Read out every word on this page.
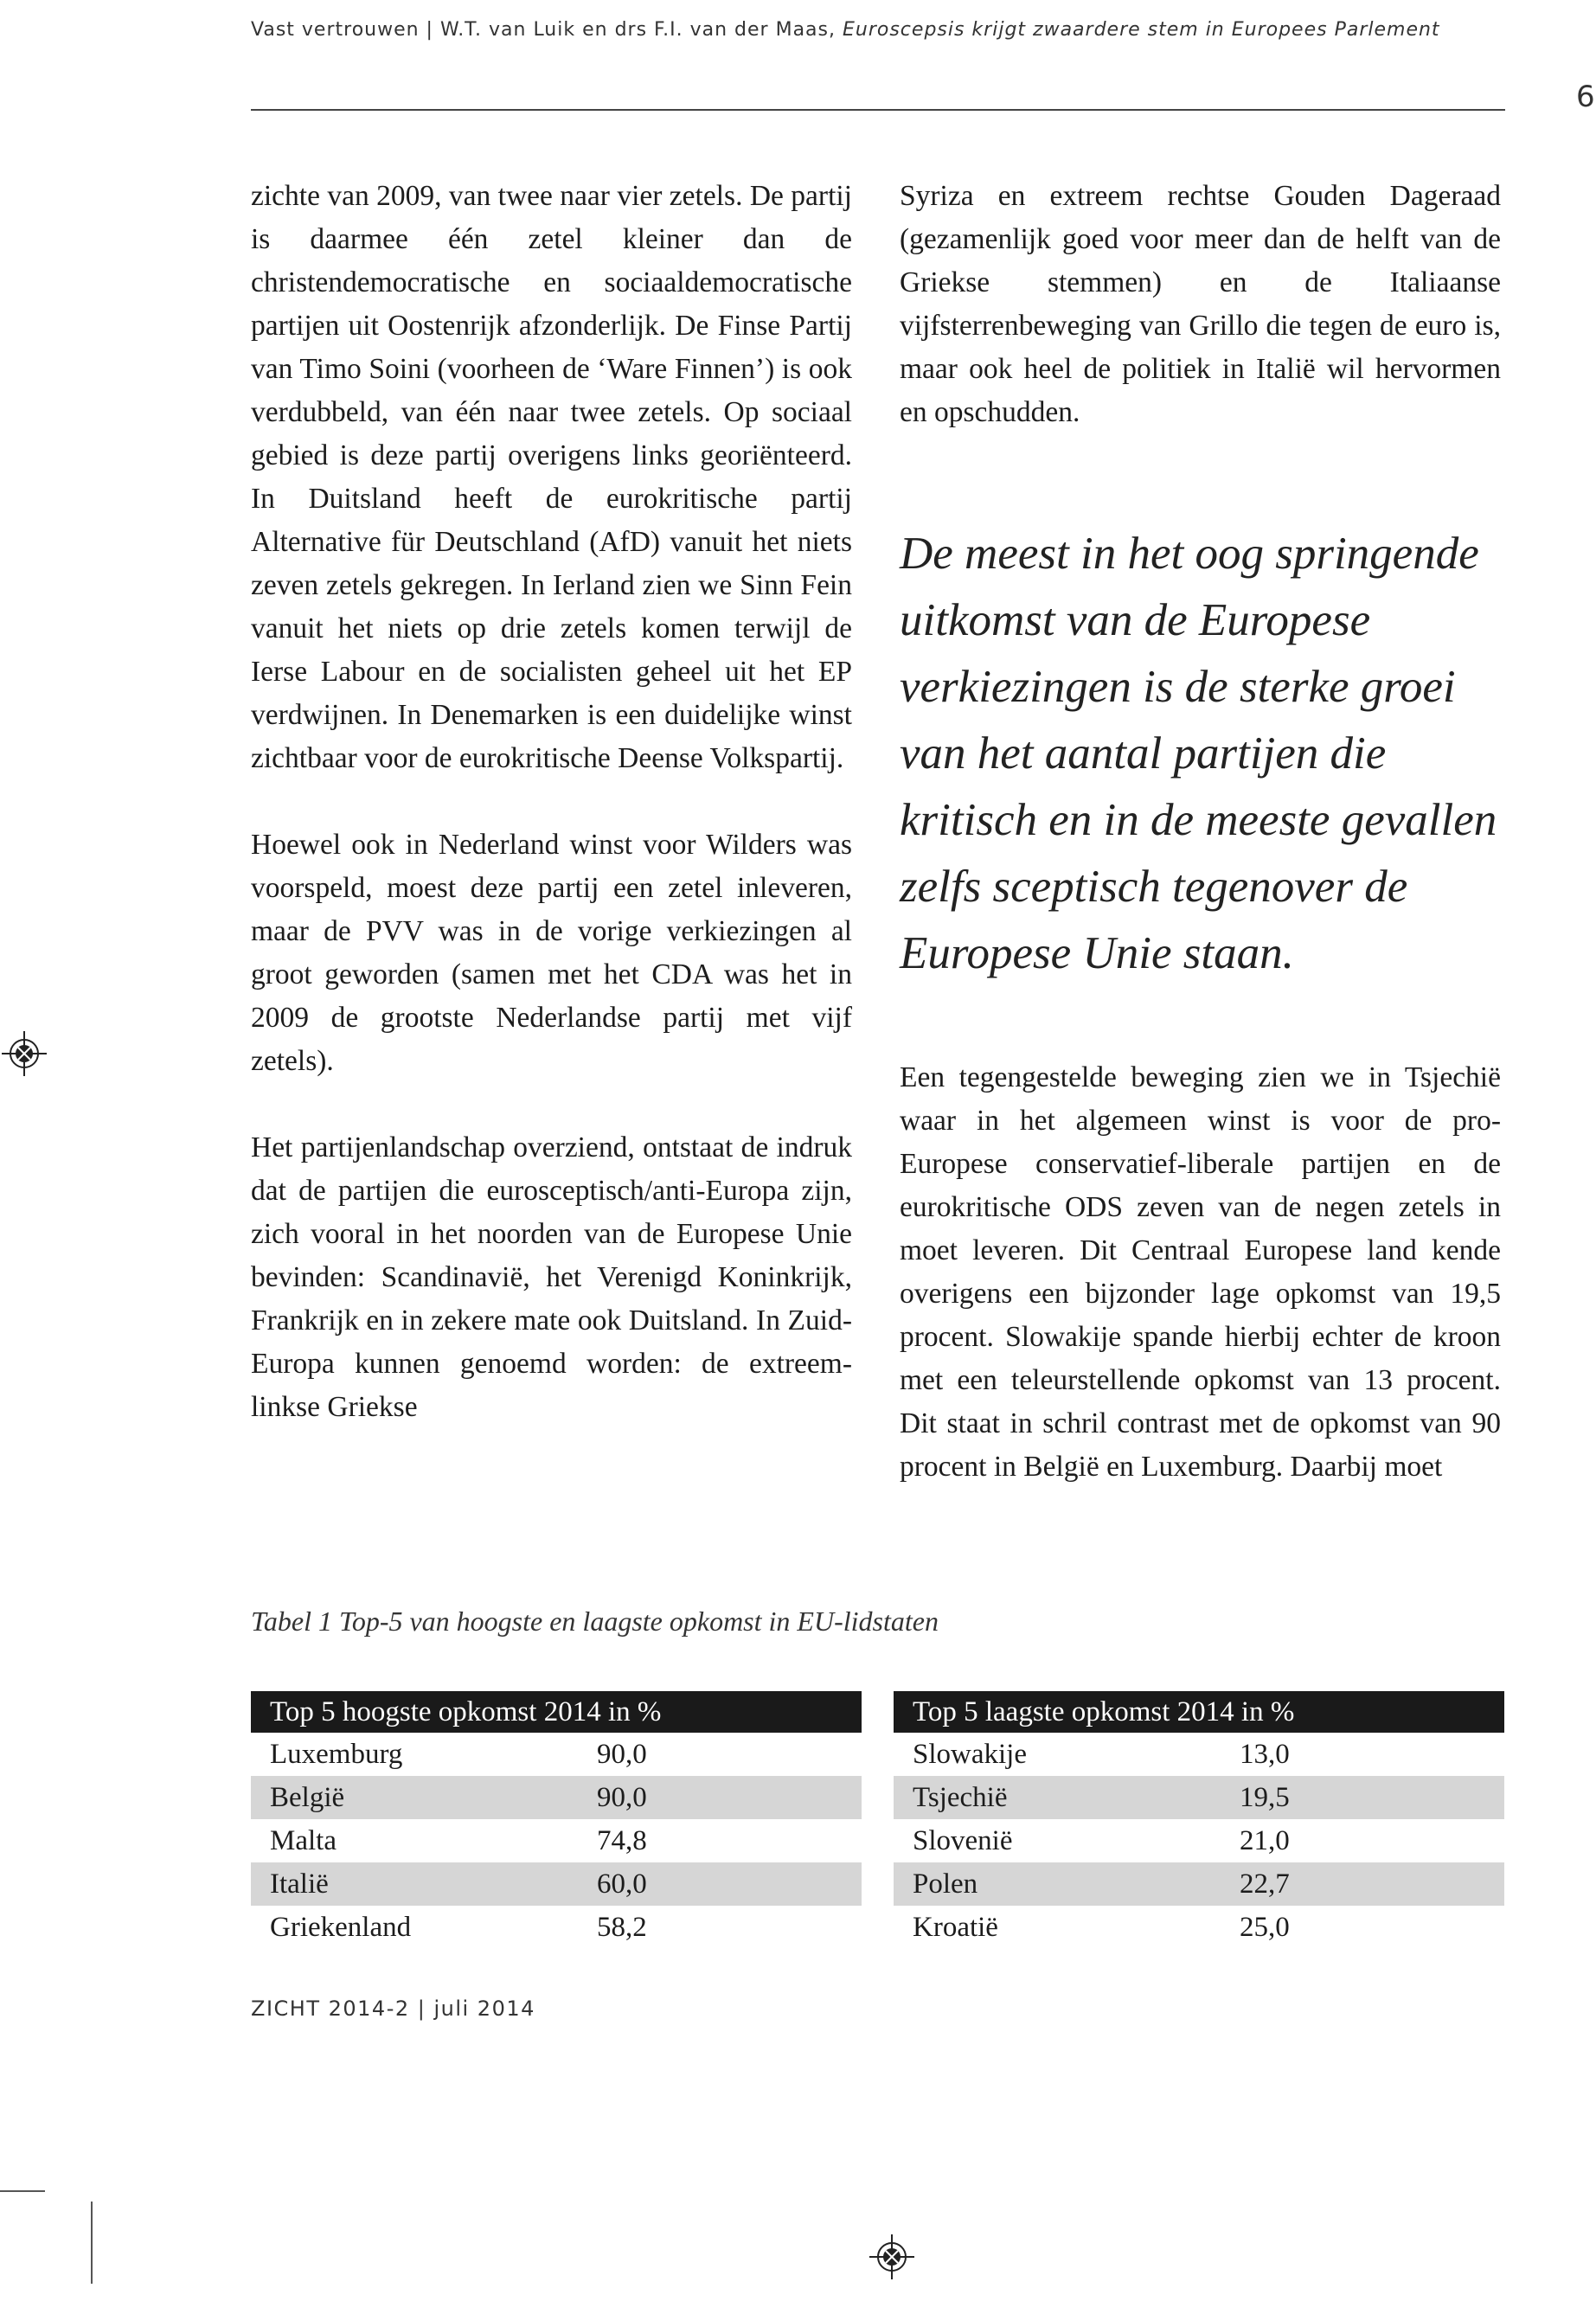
Vast vertrouwen | W.T. van Luik en drs F.I. van der Maas, Euroscepsis krijgt zwaardere stem in Europees Parlement
6

zichte van 2009, van twee naar vier zetels. De partij is daarmee één zetel kleiner dan de christendemocratische en sociaaldemocratische partijen uit Oostenrijk afzonderlijk. De Finse Partij van Timo Soini (voorheen de ‘Ware Finnen’) is ook verdubbeld, van één naar twee zetels. Op sociaal gebied is deze partij overigens links georiënteerd. In Duitsland heeft de eurokritische partij Alternative für Deutschland (AfD) vanuit het niets zeven zetels gekregen. In Ierland zien we Sinn Fein vanuit het niets op drie zetels komen terwijl de Ierse Labour en de socialisten geheel uit het EP verdwijnen. In Denemarken is een duidelijke winst zichtbaar voor de eurokritische Deense Volkspartij.

Hoewel ook in Nederland winst voor Wilders was voorspeld, moest deze partij een zetel inleveren, maar de PVV was in de vorige verkiezingen al groot geworden (samen met het CDA was het in 2009 de grootste Nederlandse partij met vijf zetels).

Het partijenlandschap overziend, ontstaat de indruk dat de partijen die eurosceptisch/anti-Europa zijn, zich vooral in het noorden van de Europese Unie bevinden: Scandinavië, het Verenigd Koninkrijk, Frankrijk en in zekere mate ook Duitsland. In Zuid-Europa kunnen genoemd worden: de extreem-linkse Griekse

Syriza en extreem rechtse Gouden Dageraad (gezamenlijk goed voor meer dan de helft van de Griekse stemmen) en de Italiaanse vijfsterrenbeweging van Grillo die tegen de euro is, maar ook heel de politiek in Italië wil hervormen en opschudden.

De meest in het oog springende uitkomst van de Europese verkiezingen is de sterke groei van het aantal partijen die kritisch en in de meeste gevallen zelfs sceptisch tegenover de Europese Unie staan.

Een tegengestelde beweging zien we in Tsjechië waar in het algemeen winst is voor de pro-Europese conservatief-liberale partijen en de eurokritische ODS zeven van de negen zetels in moet leveren. Dit Centraal Europese land kende overigens een bijzonder lage opkomst van 19,5 procent. Slowakije spande hierbij echter de kroon met een teleurstellende opkomst van 13 procent. Dit staat in schril contrast met de opkomst van 90 procent in België en Luxemburg. Daarbij moet

Tabel 1 Top-5 van hoogste en laagste opkomst in EU-lidstaten
Top 5 hoogste opkomst 2014 in %	
Luxemburg	90,0
België	90,0
Malta	74,8
Italië	60,0
Griekenland	58,2
Top 5 laagste opkomst 2014 in %	
Slowakije	13,0
Tsjechië	19,5
Slovenië	21,0
Polen	22,7
Kroatië	25,0
ZICHT 2014-2 | juli 2014
